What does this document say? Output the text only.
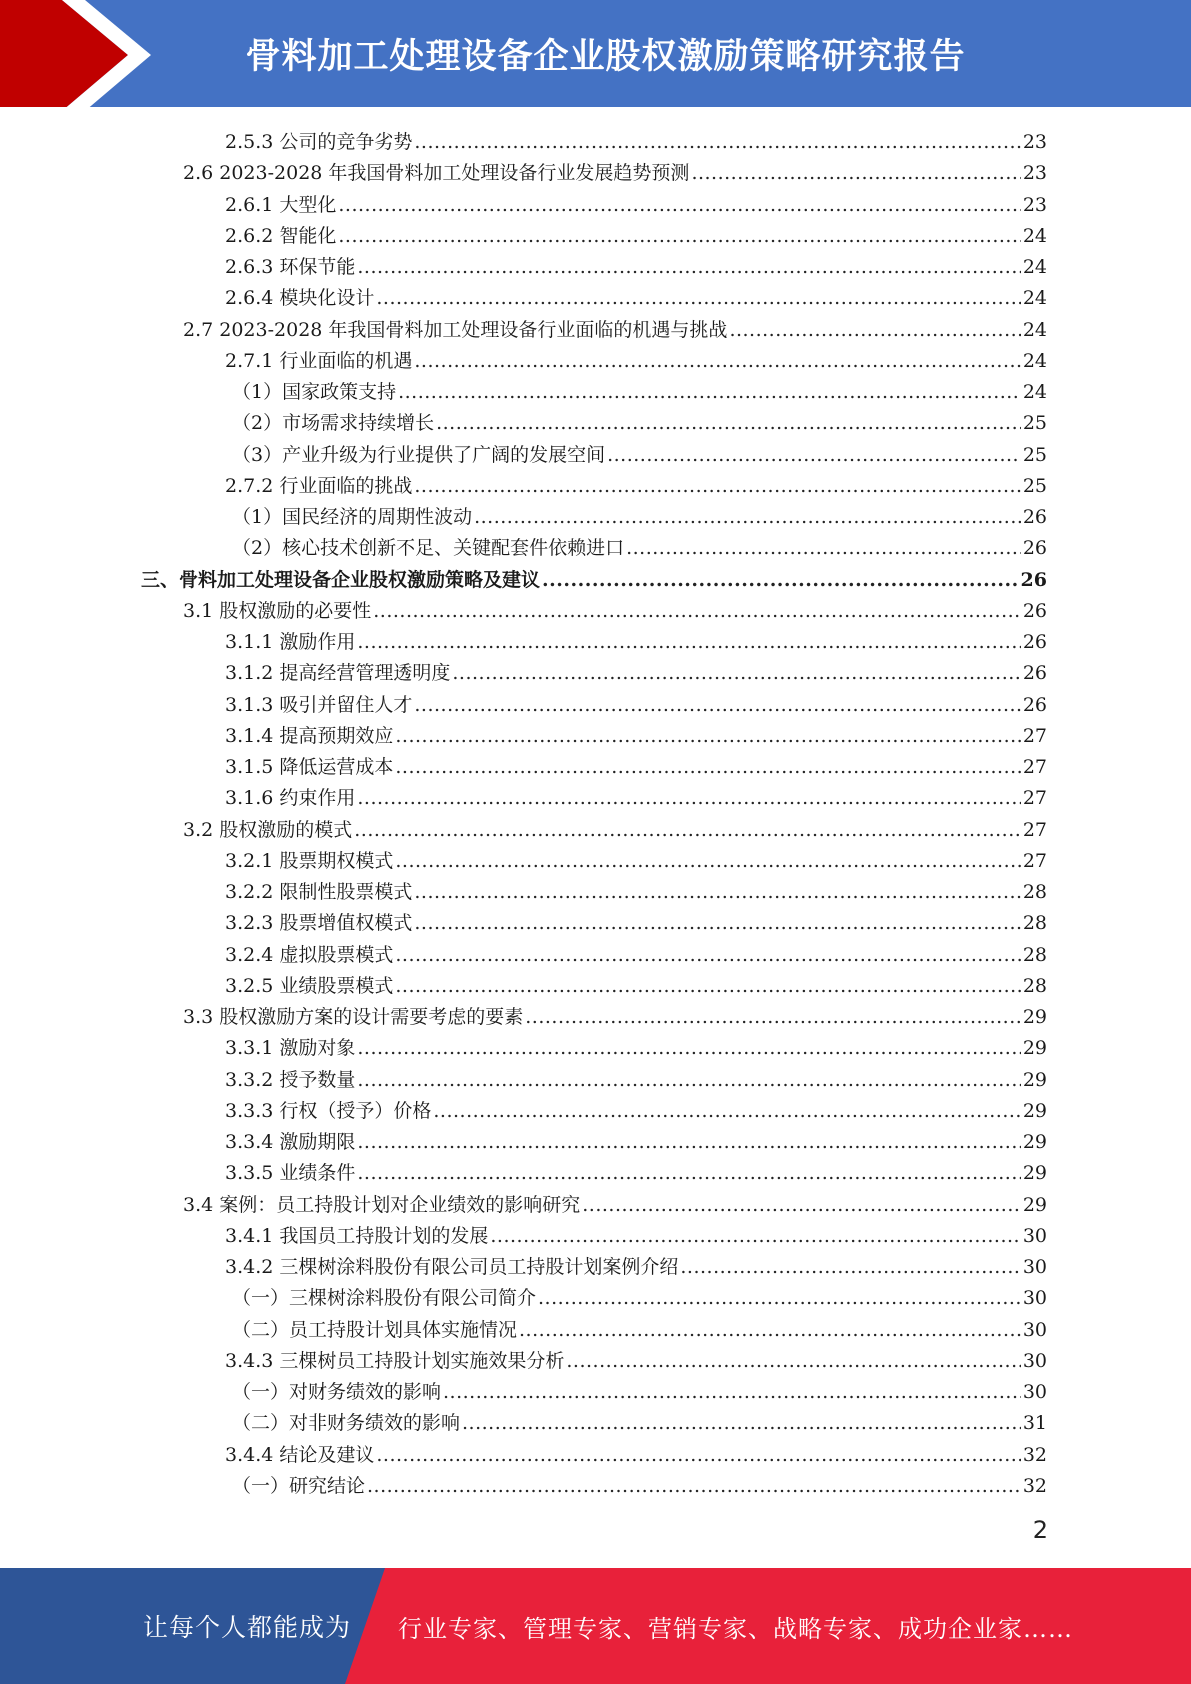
骨料加工处理设备企业股权激励策略研究报告
2.5.3 公司的竞争劣势 .....	23
2.6 2023-2028 年我国骨料加工处理设备行业发展趋势预测 .....	23
2.6.1 大型化 .....	23
2.6.2 智能化 .....	24
2.6.3 环保节能 .....	24
2.6.4 模块化设计 .....	24
2.7 2023-2028 年我国骨料加工处理设备行业面临的机遇与挑战 .....	24
2.7.1 行业面临的机遇 .....	24
（1）国家政策支持 .....	24
（2）市场需求持续增长 .....	25
（3）产业升级为行业提供了广阔的发展空间 .....	25
2.7.2 行业面临的挑战 .....	25
（1）国民经济的周期性波动 .....	26
（2）核心技术创新不足、关键配套件依赖进口 .....	26
三、骨料加工处理设备企业股权激励策略及建议 .....	26
3.1 股权激励的必要性 .....	26
3.1.1 激励作用 .....	26
3.1.2 提高经营管理透明度 .....	26
3.1.3 吸引并留住人才 .....	26
3.1.4 提高预期效应 .....	27
3.1.5 降低运营成本 .....	27
3.1.6 约束作用 .....	27
3.2 股权激励的模式 .....	27
3.2.1 股票期权模式 .....	27
3.2.2 限制性股票模式 .....	28
3.2.3 股票增值权模式 .....	28
3.2.4 虚拟股票模式 .....	28
3.2.5 业绩股票模式 .....	28
3.3 股权激励方案的设计需要考虑的要素 .....	29
3.3.1 激励对象 .....	29
3.3.2 授予数量 .....	29
3.3.3 行权（授予）价格 .....	29
3.3.4 激励期限 .....	29
3.3.5 业绩条件 .....	29
3.4 案例：员工持股计划对企业绩效的影响研究 .....	29
3.4.1 我国员工持股计划的发展 .....	30
3.4.2 三棵树涂料股份有限公司员工持股计划案例介绍 .....	30
（一）三棵树涂料股份有限公司简介 .....	30
（二）员工持股计划具体实施情况 .....	30
3.4.3 三棵树员工持股计划实施效果分析 .....	30
（一）对财务绩效的影响 .....	30
（二）对非财务绩效的影响 .....	31
3.4.4 结论及建议 .....	32
（一）研究结论 .....	32
2
让每个人都能成为 行业专家、管理专家、营销专家、战略专家、成功企业家……
